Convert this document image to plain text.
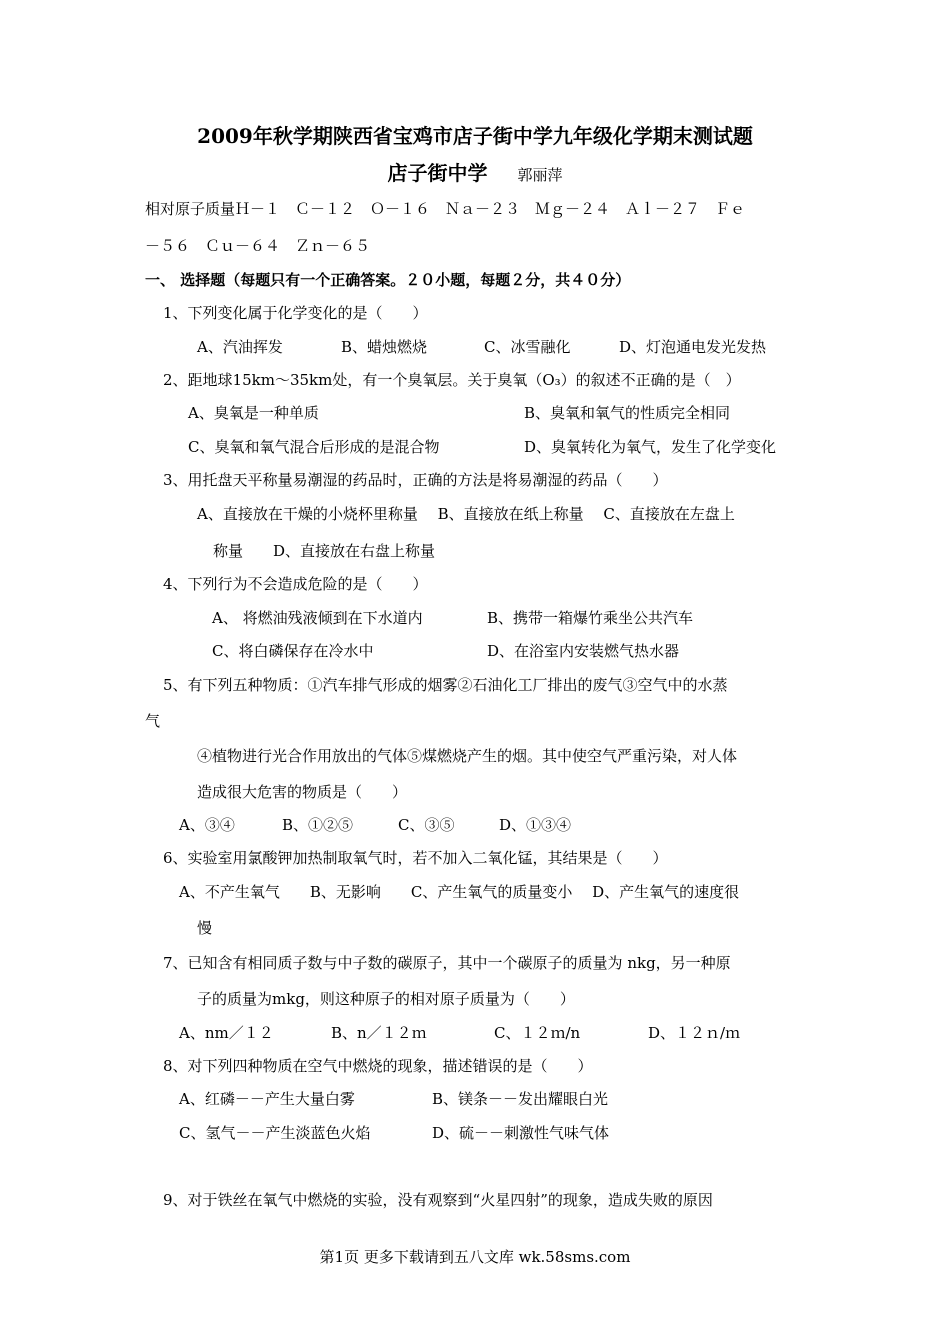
2009年秋学期陕西省宝鸡市店子街中学九年级化学期末测试题
店子街中学 郭丽萍
相对原子质量Ｈ－１　Ｃ－１２　Ｏ－１６　Ｎａ－２３　Ｍｇ－２４　Ａｌ－２７　Ｆｅ
－５６　Ｃｕ－６４　Ｚｎ－６５
一、 选择题（每题只有一个正确答案。２０小题，每题２分，共４０分）
1、下列变化属于化学变化的是（　　）
A、汽油挥发	B、蜡烛燃烧	C、冰雪融化	D、灯泡通电发光发热
2、距地球15km～35km处，有一个臭氧层。关于臭氧（O₃）的叙述不正确的是（　）
A、臭氧是一种单质	B、臭氧和氧气的性质完全相同
C、臭氧和氧气混合后形成的是混合物	D、臭氧转化为氧气，发生了化学变化
3、用托盘天平称量易潮湿的药品时，正确的方法是将易潮湿的药品（　　）
A、直接放在干燥的小烧杯里称量　 B、直接放在纸上称量　 C、直接放在左盘上
称量　　D、直接放在右盘上称量
4、下列行为不会造成危险的是（　　）
A、 将燃油残液倾到在下水道内	B、携带一箱爆竹乘坐公共汽车
C、将白磷保存在冷水中	D、在浴室内安装燃气热水器
5、有下列五种物质：①汽车排气形成的烟雾②石油化工厂排出的废气③空气中的水蒸
气
④植物进行光合作用放出的气体⑤煤燃烧产生的烟。其中使空气严重污染，对人体
造成很大危害的物质是（　　）
A、③④	B、①②⑤	C、③⑤	D、①③④
6、实验室用氯酸钾加热制取氧气时，若不加入二氧化锰，其结果是（　　）
A、不产生氧气　　B、无影响　　C、产生氧气的质量变小　 D、产生氧气的速度很
慢
7、已知含有相同质子数与中子数的碳原子，其中一个碳原子的质量为 nkg，另一种原
子的质量为mkg，则这种原子的相对原子质量为（　　）
A、nm／１２	B、n／１２ｍ	C、１２ｍ/n	D、１２ｎ/ｍ
8、对下列四种物质在空气中燃烧的现象，描述错误的是（　　）
A、红磷－－产生大量白雾	B、镁条－－发出耀眼白光
C、氢气－－产生淡蓝色火焰	D、硫－－刺激性气味气体
9、对于铁丝在氧气中燃烧的实验，没有观察到“火星四射”的现象，造成失败的原因
第1页 更多下载请到五八文库 wk.58sms.com
